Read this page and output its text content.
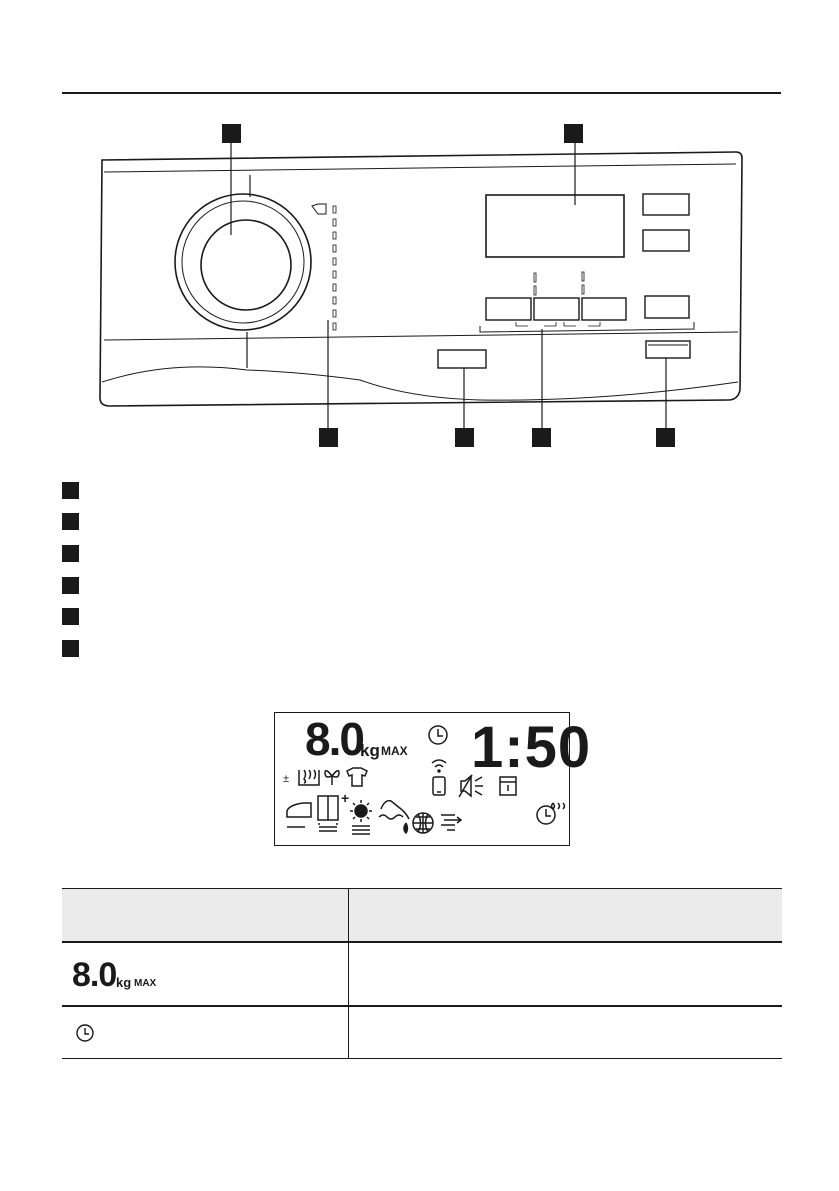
8.0
kg MAX 1:50
±
+

8.0 kg MAX	
